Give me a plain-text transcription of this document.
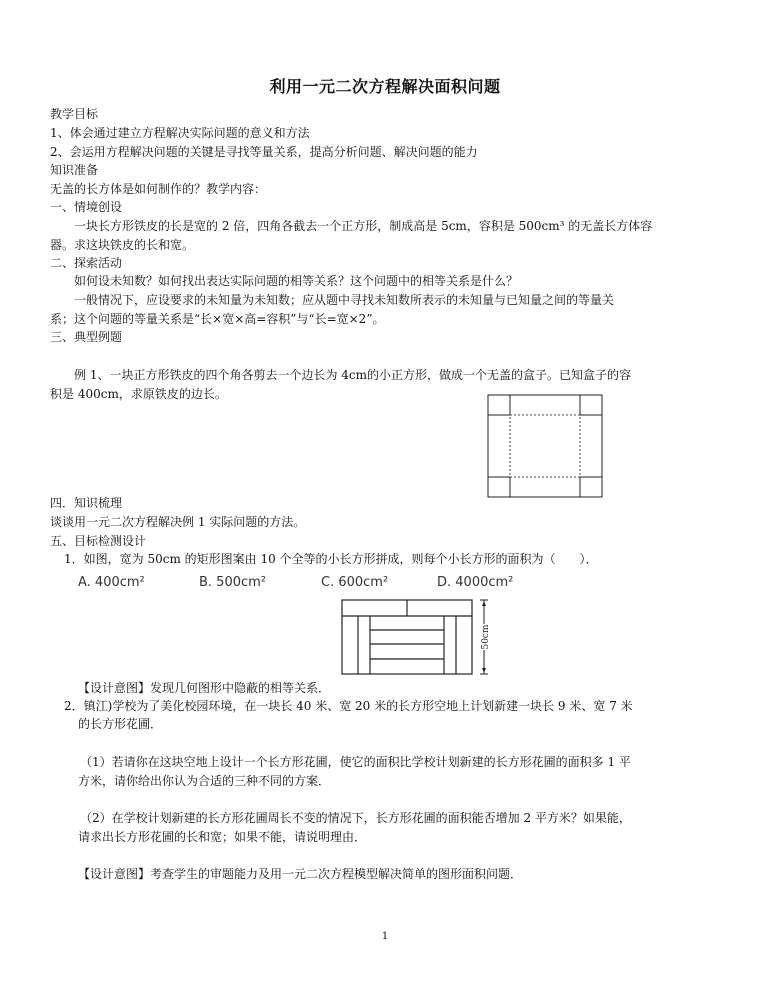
利用一元二次方程解决面积问题
教学目标
1、体会通过建立方程解决实际问题的意义和方法
2、会运用方程解决问题的关键是寻找等量关系，提高分析问题、解决问题的能力
知识准备
无盖的长方体是如何制作的？教学内容：
一、情境创设
一块长方形铁皮的长是宽的 2 倍，四角各截去一个正方形，制成高是 5cm，容积是 500cm³ 的无盖长方体容
器。求这块铁皮的长和宽。
二、探索活动
如何设未知数？如何找出表达实际问题的相等关系？这个问题中的相等关系是什么？
一般情况下，应设要求的未知量为未知数；应从题中寻找未知数所表示的未知量与已知量之间的等量关
系；这个问题的等量关系是“长×宽×高=容积”与“长=宽×2”。
三、典型例题
例 1、一块正方形铁皮的四个角各剪去一个边长为 4cm的小正方形，做成一个无盖的盒子。已知盒子的容
积是 400cm，求原铁皮的边长。
四．知识梳理
谈谈用一元二次方程解决例 1 实际问题的方法。
五、目标检测设计
1．如图，宽为 50cm 的矩形图案由 10 个全等的小长方形拼成，则每个小长方形的面积为（　　）．
A. 400cm²	B. 500cm²	C. 600cm²	D. 4000cm²
50cm
【设计意图】发现几何图形中隐蔽的相等关系．
2．镇江)学校为了美化校园环境，在一块长 40 米、宽 20 米的长方形空地上计划新建一块长 9 米、宽 7 米
的长方形花圃．
（1）若请你在这块空地上设计一个长方形花圃，使它的面积比学校计划新建的长方形花圃的面积多 1 平
方米，请你给出你认为合适的三种不同的方案．
（2）在学校计划新建的长方形花圃周长不变的情况下，长方形花圃的面积能否增加 2 平方米？如果能，
请求出长方形花圃的长和宽；如果不能，请说明理由．
【设计意图】考查学生的审题能力及用一元二次方程模型解决简单的图形面积问题．
1
